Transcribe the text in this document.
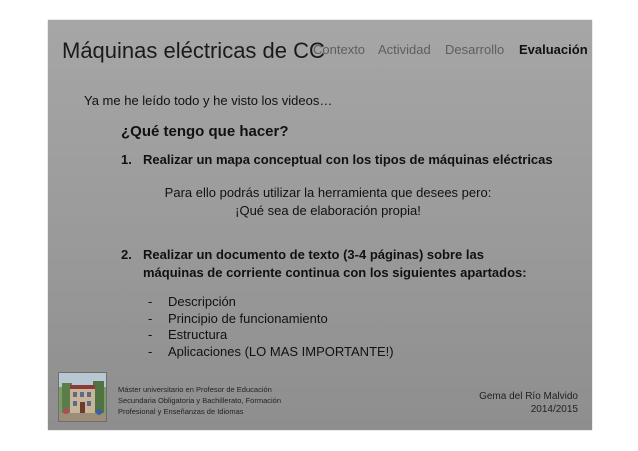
Máquinas eléctricas de CC
Contexto Actividad Desarrollo Evaluación
Ya me he leído todo y he visto los videos…
¿Qué tengo que hacer?
1. Realizar un mapa conceptual con los tipos de máquinas eléctricas
Para ello podrás utilizar la herramienta que desees pero:
¡Qué sea de elaboración propia!
2. Realizar un documento de texto (3-4 páginas) sobre las máquinas de corriente continua con los siguientes apartados:
- Descripción
- Principio de funcionamiento
- Estructura
- Aplicaciones (LO MAS IMPORTANTE!)
Máster universitario en Profesor de Educación
Secundaria Obligatoria y Bachillerato, Formación
Profesional y Enseñanzas de Idiomas
Gema del Río Malvido
2014/2015
